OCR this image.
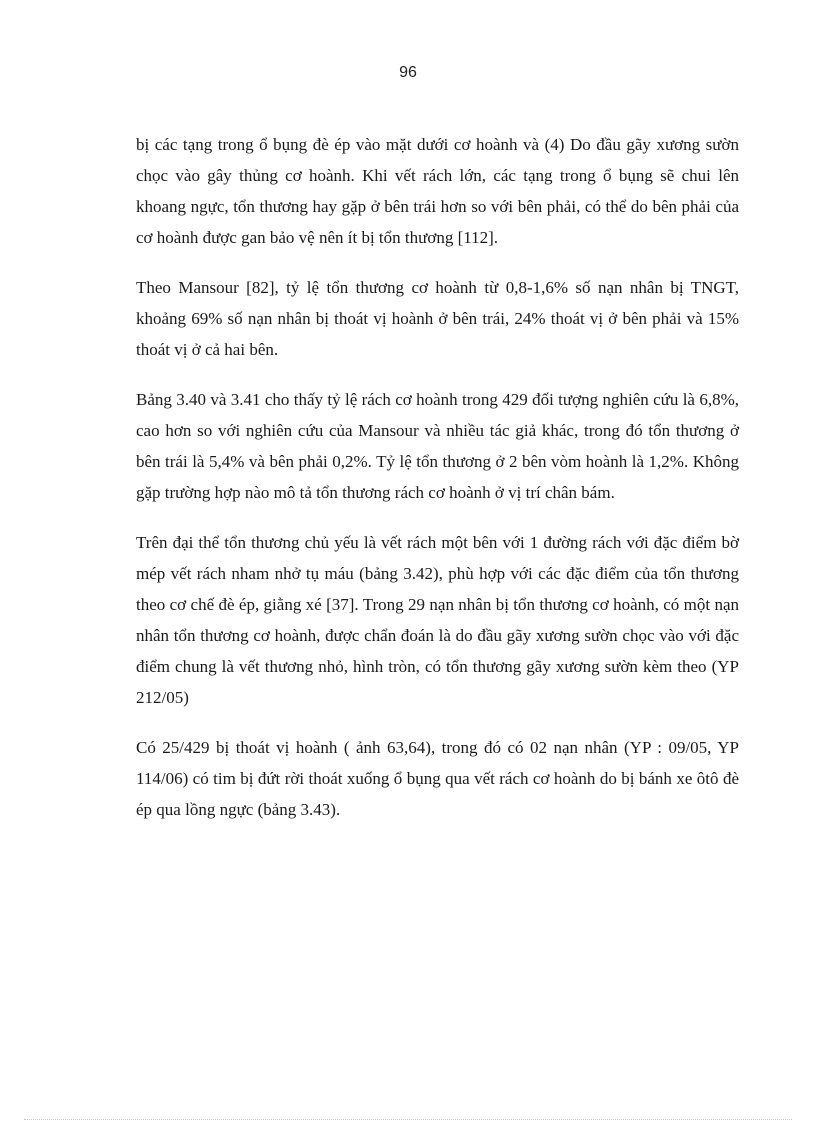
96

bị các tạng trong ổ bụng đè ép vào mặt dưới cơ hoành và (4) Do đầu gãy xương sườn chọc vào gây thủng cơ hoành. Khi vết rách lớn, các tạng trong ổ bụng sẽ chui lên khoang ngực, tổn thương hay gặp ở bên trái hơn so với bên phải, có thể do bên phải của cơ hoành được gan bảo vệ nên ít bị tổn thương [112].

Theo Mansour [82], tỷ lệ tổn thương cơ hoành từ 0,8-1,6% số nạn nhân bị TNGT, khoảng 69% số nạn nhân bị thoát vị hoành ở bên trái, 24% thoát vị ở bên phải và 15% thoát vị ở cả hai bên.

Bảng 3.40 và 3.41 cho thấy tỷ lệ rách cơ hoành trong 429 đối tượng nghiên cứu là 6,8%, cao hơn so với nghiên cứu của Mansour và nhiều tác giả khác, trong đó tổn thương ở bên trái là 5,4% và bên phải 0,2%. Tỷ lệ tổn thương ở 2 bên vòm hoành là 1,2%. Không gặp trường hợp nào mô tả tổn thương rách cơ hoành ở vị trí chân bám.

Trên đại thể tổn thương chủ yếu là vết rách một bên với 1 đường rách với đặc điểm bờ mép vết rách nham nhở tụ máu (bảng 3.42), phù hợp với các đặc điểm của tổn thương theo cơ chế đè ép, giằng xé [37]. Trong 29 nạn nhân bị tổn thương cơ hoành, có một nạn nhân tổn thương cơ hoành, được chẩn đoán là do đầu gãy xương sườn chọc vào với đặc điểm chung là vết thương nhỏ, hình tròn, có tổn thương gãy xương sườn kèm theo (YP 212/05)

Có 25/429 bị thoát vị hoành ( ảnh 63,64), trong đó có 02 nạn nhân (YP : 09/05, YP 114/06) có tim bị đứt rời thoát xuống ổ bụng qua vết rách cơ hoành do bị bánh xe ôtô đè ép qua lồng ngực (bảng 3.43).
